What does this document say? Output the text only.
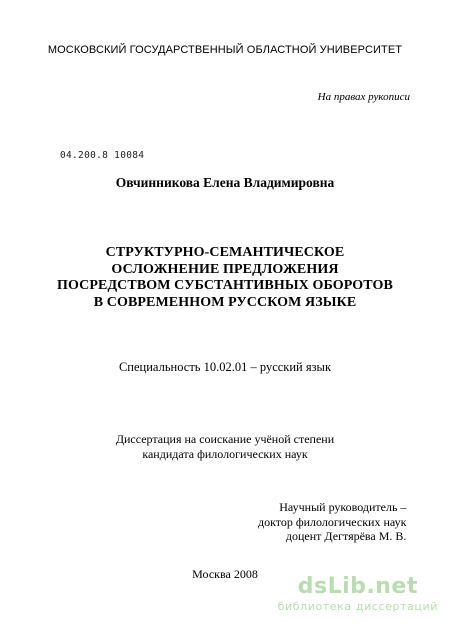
МОСКОВСКИЙ ГОСУДАРСТВЕННЫЙ ОБЛАСТНОЙ УНИВЕРСИТЕТ
На правах рукописи
04.200.8 10084
Овчинникова Елена Владимировна
СТРУКТУРНО-СЕМАНТИЧЕСКОЕ
ОСЛОЖНЕНИЕ ПРЕДЛОЖЕНИЯ
ПОСРЕДСТВОМ СУБСТАНТИВНЫХ ОБОРОТОВ
В СОВРЕМЕННОМ РУССКОМ ЯЗЫКЕ
Специальность 10.02.01 – русский язык
Диссертация на соискание учёной степени
кандидата филологических наук
Научный руководитель –
доктор филологических наук
доцент Дегтярёва М. В.
Москва 2008	dsLib.net
библиотека диссертаций
